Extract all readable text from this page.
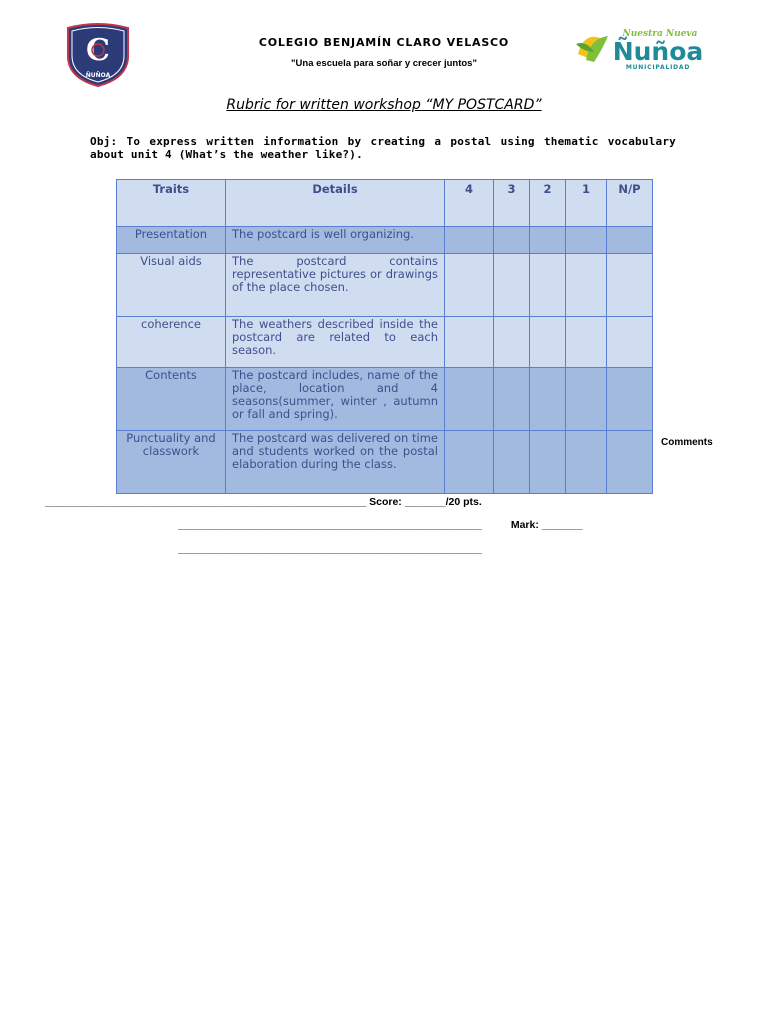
C
ÑUÑOA
COLEGIO BENJAMÍN CLARO VELASCO
"Una escuela para soñar y crecer juntos"
Nuestra Nueva
Ñuñoa
MUNICIPALIDAD
Rubric for written workshop “MY POSTCARD”
Obj: To express written information by creating a postal using thematic vocabulary about unit 4 (What’s the weather like?).
Traits	Details	4	3	2	1	N/P
Presentation	The postcard is well organizing.					
Visual aids	The postcard contains representative pictures or drawings of the place chosen.					
coherence	The weathers described inside the postcard are related to each season.					
Contents	The postcard includes, name of the place, location and 4 seasons(summer, winter , autumn or fall and spring).					
Punctuality and classwork	The postcard was delivered on time and students worked on the postal elaboration during the class.					
Comments
_______________________________________________________ Score: _______/20 pts.
____________________________________________________          Mark: _______
____________________________________________________
